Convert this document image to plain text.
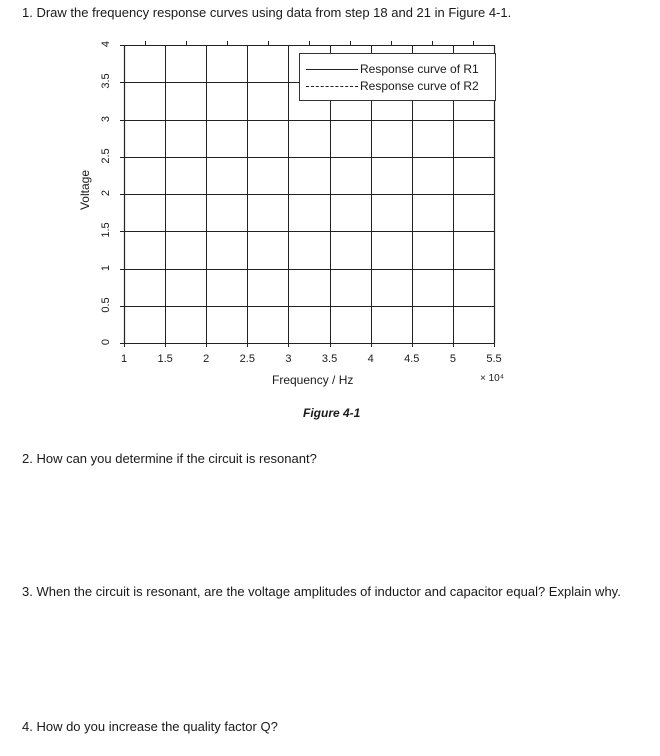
1. Draw the frequency response curves using data from step 18 and 21 in Figure 4-1.
Response curve of R1
Response curve of R2
1	1.5	2	2.5	3	3.5	4	4.5	5	5.5
0
0.5
1
1.5
2
2.5
3
3.5
4
Voltage
Frequency / Hz	× 10⁴
Figure 4-1
2. How can you determine if the circuit is resonant?
3. When the circuit is resonant, are the voltage amplitudes of inductor and capacitor equal? Explain why.
4. How do you increase the quality factor Q?
